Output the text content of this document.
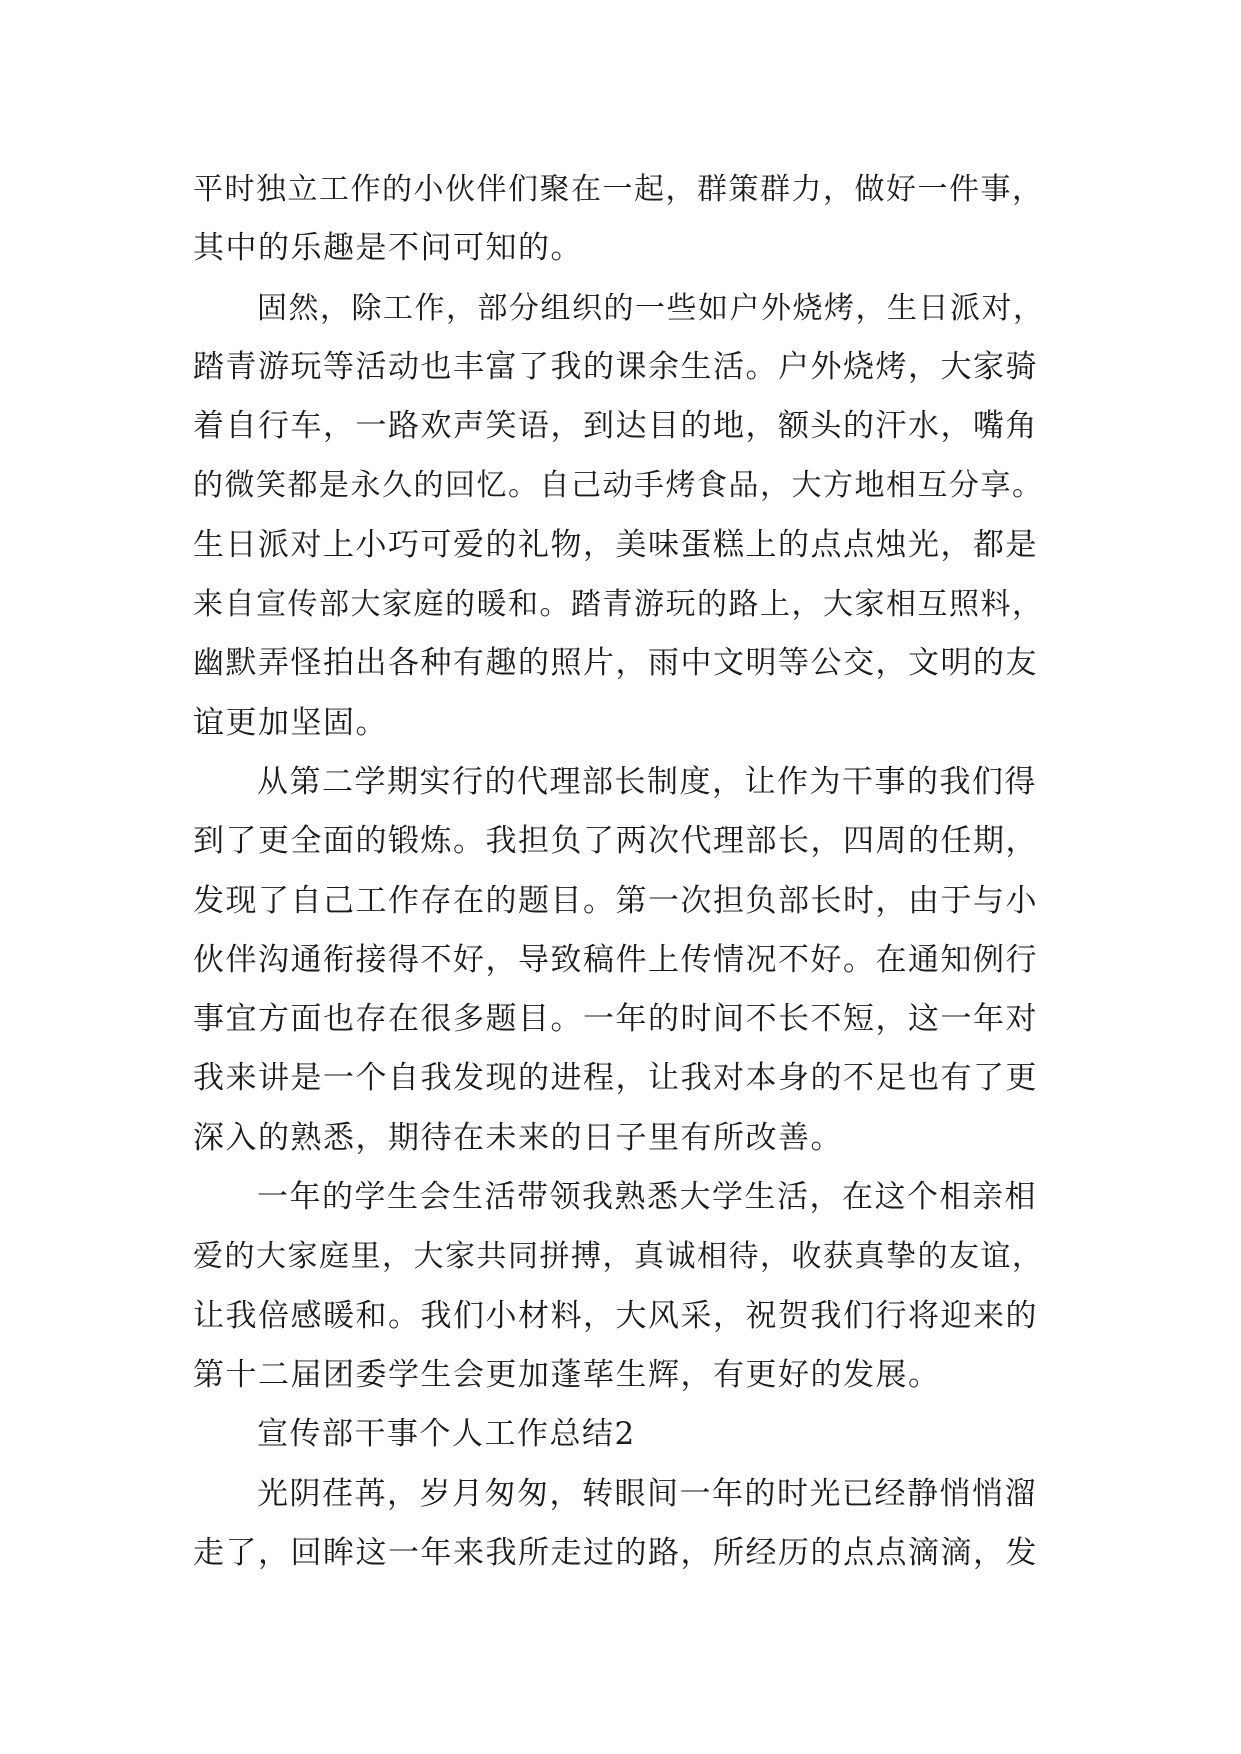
平时独立工作的小伙伴们聚在一起，群策群力，做好一件事，
其中的乐趣是不问可知的。
固然，除工作，部分组织的一些如户外烧烤，生日派对，
踏青游玩等活动也丰富了我的课余生活。户外烧烤，大家骑
着自行车，一路欢声笑语，到达目的地，额头的汗水，嘴角
的微笑都是永久的回忆。自己动手烤食品，大方地相互分享。
生日派对上小巧可爱的礼物，美味蛋糕上的点点烛光，都是
来自宣传部大家庭的暖和。踏青游玩的路上，大家相互照料，
幽默弄怪拍出各种有趣的照片，雨中文明等公交，文明的友
谊更加坚固。
从第二学期实行的代理部长制度，让作为干事的我们得
到了更全面的锻炼。我担负了两次代理部长，四周的任期，
发现了自己工作存在的题目。第一次担负部长时，由于与小
伙伴沟通衔接得不好，导致稿件上传情况不好。在通知例行
事宜方面也存在很多题目。一年的时间不长不短，这一年对
我来讲是一个自我发现的进程，让我对本身的不足也有了更
深入的熟悉，期待在未来的日子里有所改善。
一年的学生会生活带领我熟悉大学生活，在这个相亲相
爱的大家庭里，大家共同拼搏，真诚相待，收获真挚的友谊，
让我倍感暖和。我们小材料，大风采，祝贺我们行将迎来的
第十二届团委学生会更加蓬荜生辉，有更好的发展。
宣传部干事个人工作总结2
光阴荏苒，岁月匆匆，转眼间一年的时光已经静悄悄溜
走了，回眸这一年来我所走过的路，所经历的点点滴滴，发
